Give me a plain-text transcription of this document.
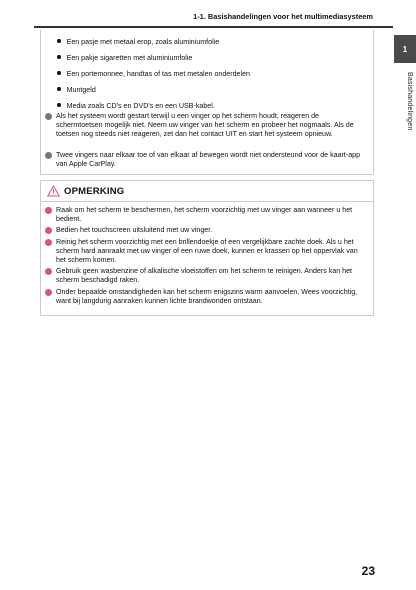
1-1. Basishandelingen voor het multimediasysteem
1
Basishandelingen
Een pasje met metaal erop, zoals aluminiumfolie
Een pakje sigaretten met aluminiumfolie
Een portemonnee, handtas of tas met metalen onderdelen
Muntgeld
Media zoals CD's en DVD's en een USB-kabel.
Als het systeem wordt gestart terwijl u een vinger op het scherm houdt, reageren de schermtoetsen mogelijk niet. Neem uw vinger van het scherm en probeer het nogmaals. Als de toetsen nog steeds niet reageren, zet dan het contact UIT en start het systeem opnieuw.
Twee vingers naar elkaar toe of van elkaar af bewegen wordt niet ondersteund voor de kaart-app van Apple CarPlay.
OPMERKING
Raak om het scherm te beschermen, het scherm voorzichtig met uw vinger aan wanneer u het bedient.
Bedien het touchscreen uitsluitend met uw vinger.
Reinig het scherm voorzichtig met een brillendoekje of een vergelijkbare zachte doek. Als u het scherm hard aanraakt met uw vinger of een ruwe doek, kunnen er krassen op het oppervlak van het scherm komen.
Gebruik geen wasbenzine of alkalische vloeistoffen om het scherm te reinigen. Anders kan het scherm beschadigd raken.
Onder bepaalde omstandigheden kan het scherm enigszins warm aanvoelen. Wees voorzichtig, want bij langdurig aanraken kunnen lichte brandwonden ontstaan.
23
